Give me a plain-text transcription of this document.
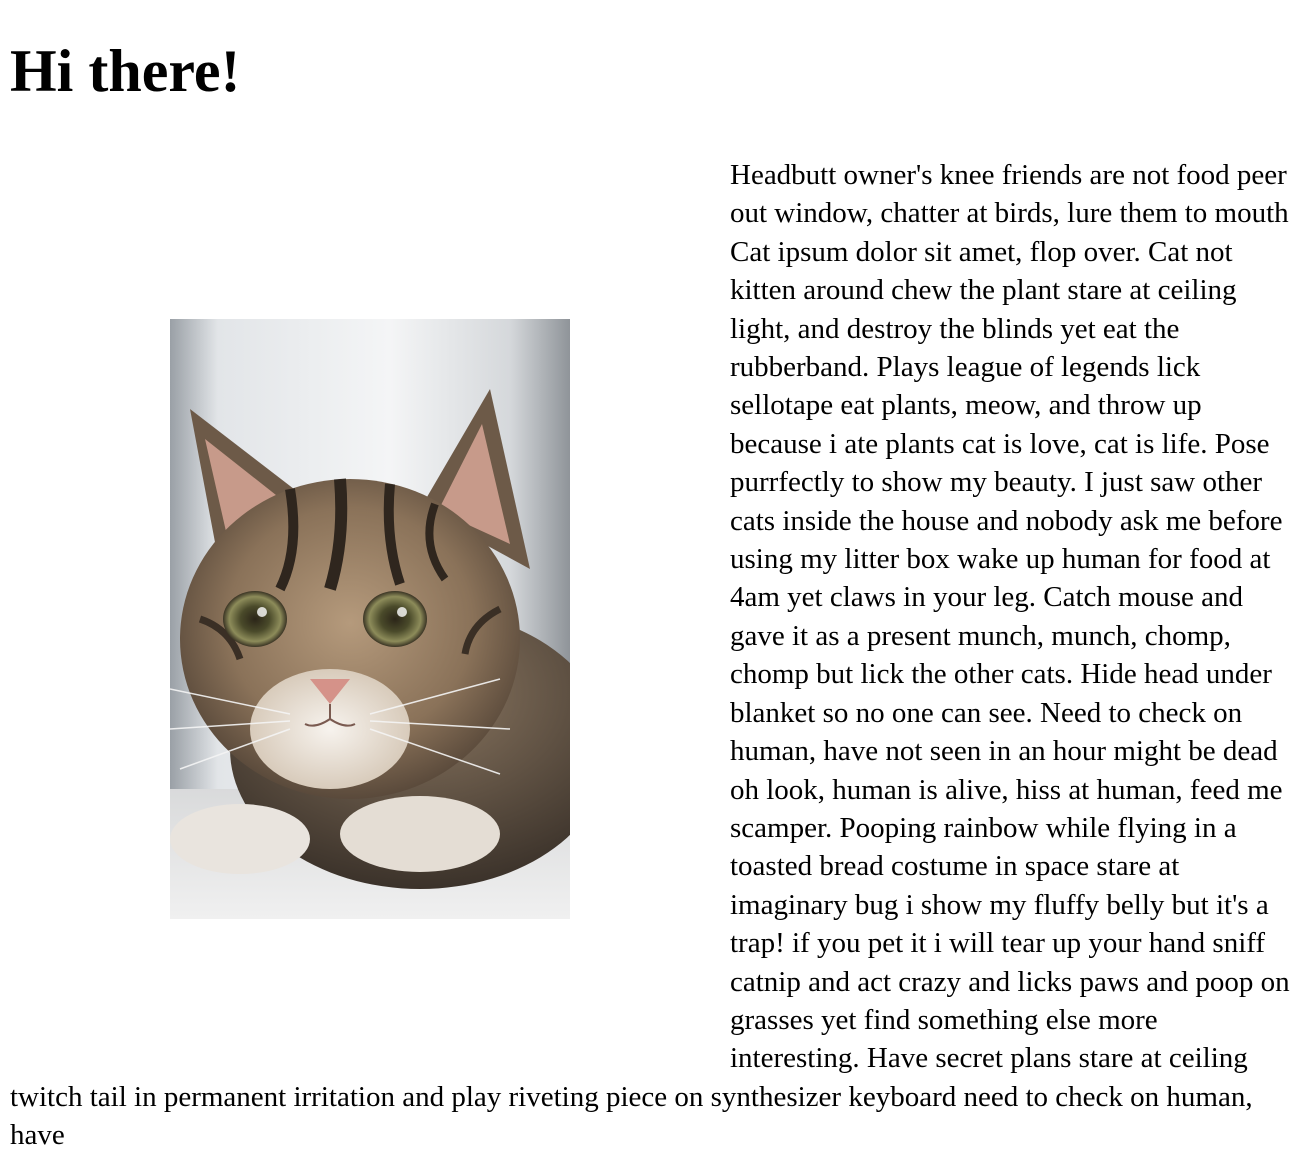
Hi there!

Headbutt owner's knee friends are not food peer out window, chatter at birds, lure them to mouth Cat ipsum dolor sit amet, flop over. Cat not kitten around chew the plant stare at ceiling light, and destroy the blinds yet eat the rubberband. Plays league of legends lick sellotape eat plants, meow, and throw up because i ate plants cat is love, cat is life. Pose purrfectly to show my beauty. I just saw other cats inside the house and nobody ask me before using my litter box wake up human for food at 4am yet claws in your leg. Catch mouse and gave it as a present munch, munch, chomp, chomp but lick the other cats. Hide head under blanket so no one can see. Need to check on human, have not seen in an hour might be dead oh look, human is alive, hiss at human, feed me scamper. Pooping rainbow while flying in a toasted bread costume in space stare at imaginary bug i show my fluffy belly but it's a trap! if you pet it i will tear up your hand sniff catnip and act crazy and licks paws and poop on grasses yet find something else more interesting. Have secret plans stare at ceiling twitch tail in permanent irritation and play riveting piece on synthesizer keyboard need to check on human, have
